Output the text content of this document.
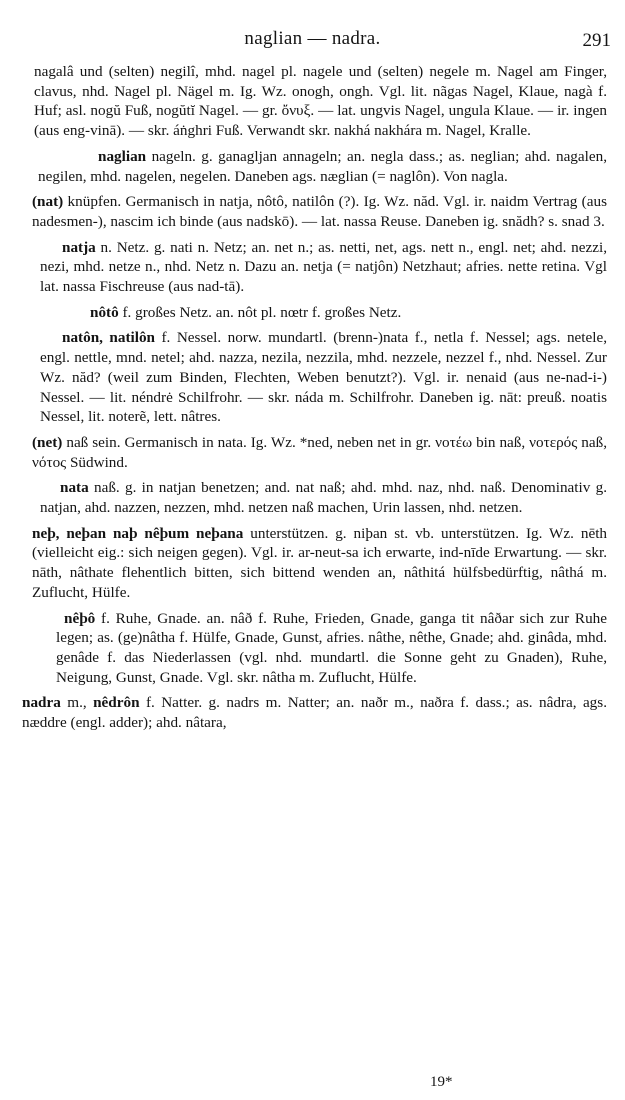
naglian — nadra.	291
nagalâ und (selten) negilî, mhd. nagel pl. nagele und (selten) negele m. Nagel am Finger, clavus, nhd. Nagel pl. Nägel m. Ig. Wz. onogh, ongh. Vgl. lit. nãgas Nagel, Klaue, nagà f. Huf; asl. nogŭ Fuß, nogŭtĭ Nagel. — gr. ὄνυξ. — lat. ungvis Nagel, ungula Klaue. — ir. ingen (aus eng-vinā). — skr. áṅghri Fuß. Verwandt skr. nakhá nakhára m. Nagel, Kralle.
naglian nageln. g. ganagljan annageln; an. negla dass.; as. neglian; ahd. nagalen, negilen, mhd. nagelen, negelen. Daneben ags. næglian (= naglôn). Von nagla.
(nat) knüpfen. Germanisch in natja, nôtô, natilôn (?). Ig. Wz. năd. Vgl. ir. naidm Vertrag (aus nadesmen-), nascim ich binde (aus nadskō). — lat. nassa Reuse. Daneben ig. snădh? s. snad 3.
natja n. Netz. g. nati n. Netz; an. net n.; as. netti, net, ags. nett n., engl. net; ahd. nezzi, nezi, mhd. netze n., nhd. Netz n. Dazu an. netja (= natjôn) Netzhaut; afries. nette retina. Vgl lat. nassa Fischreuse (aus nad-tā).
nôtô f. großes Netz. an. nôt pl. nœtr f. großes Netz.
natôn, natilôn f. Nessel. norw. mundartl. (brenn-)nata f., netla f. Nessel; ags. netele, engl. nettle, mnd. netel; ahd. nazza, nezila, nezzila, mhd. nezzele, nezzel f., nhd. Nessel. Zur Wz. năd? (weil zum Binden, Flechten, Weben benutzt?). Vgl. ir. nenaid (aus ne-nad-i-) Nessel. — lit. néndrė Schilfrohr. — skr. náda m. Schilfrohr. Daneben ig. nāt: preuß. noatis Nessel, lit. noterẽ, lett. nâtres.
(net) naß sein. Germanisch in nata. Ig. Wz. *ned, neben net in gr. νοτέω bin naß, νοτερός naß, νότος Südwind.
nata naß. g. in natjan benetzen; and. nat naß; ahd. mhd. naz, nhd. naß. Denominativ g. natjan, ahd. nazzen, nezzen, mhd. netzen naß machen, Urin lassen, nhd. netzen.
neþ, neþan naþ nêþum neþana unterstützen. g. niþan st. vb. unterstützen. Ig. Wz. nēth (vielleicht eig.: sich neigen gegen). Vgl. ir. ar-neut-sa ich erwarte, ind-nīde Erwartung. — skr. nāth, nâthate flehentlich bitten, sich bittend wenden an, nâthitá hülfsbedürftig, nâthá m. Zuflucht, Hülfe.
nêþô f. Ruhe, Gnade. an. nâð f. Ruhe, Frieden, Gnade, ganga tit nâðar sich zur Ruhe legen; as. (ge)nâtha f. Hülfe, Gnade, Gunst, afries. nâthe, nêthe, Gnade; ahd. ginâda, mhd. genâde f. das Niederlassen (vgl. nhd. mundartl. die Sonne geht zu Gnaden), Ruhe, Neigung, Gunst, Gnade. Vgl. skr. nâtha m. Zuflucht, Hülfe.
nadra m., nêdrôn f. Natter. g. nadrs m. Natter; an. naðr m., naðra f. dass.; as. nâdra, ags. næddre (engl. adder); ahd. nâtara,
19*
